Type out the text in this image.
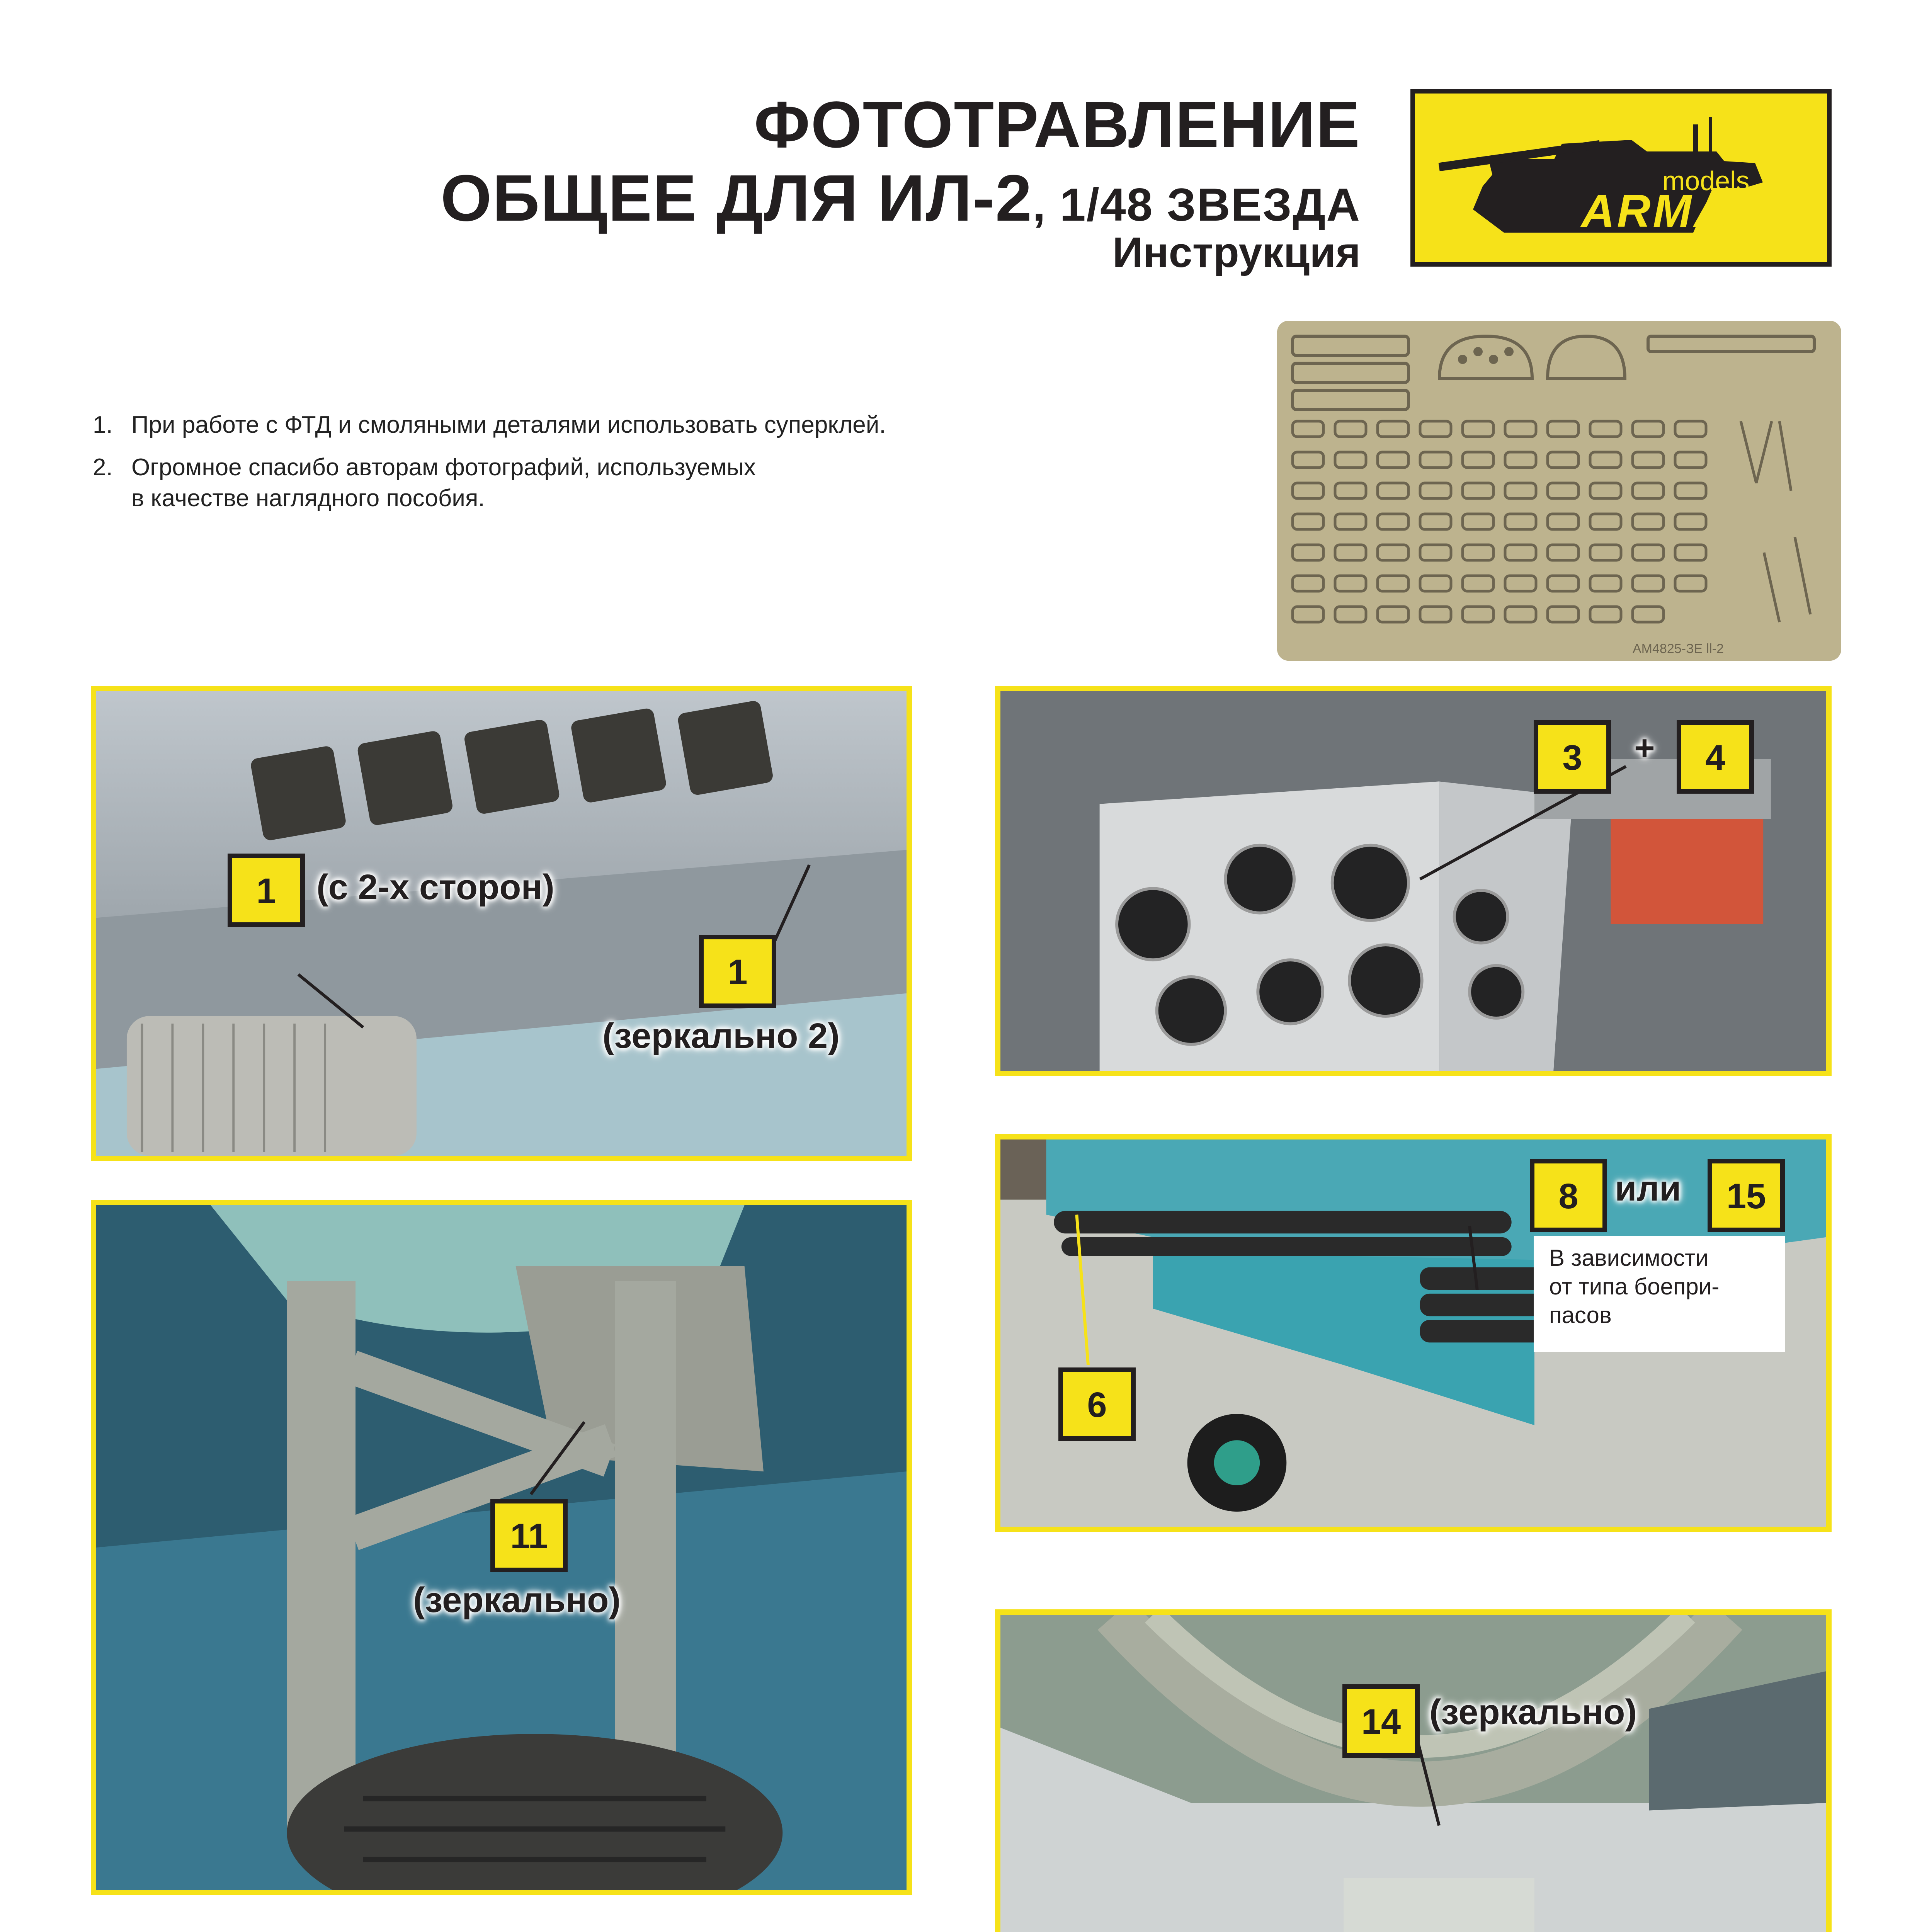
ФОТОТРАВЛЕНИЕ
ОБЩЕЕ ДЛЯ ИЛ-2, 1/48 ЗВЕЗДА
Инструкция
models
ARMA
1. При работе с ФТД и смоляными деталями использовать суперклей.
2. Огромное спасибо авторам фотографий, используемых
в качестве наглядного пособия.
AM4825-ЗЕ ll-2
1	(с 2-х сторон)
1
(зеркально 2)
3	+	4
8	или	15
В зависимости
от типа боепри-
пасов
6
11
(зеркально)
14 (зеркально)
